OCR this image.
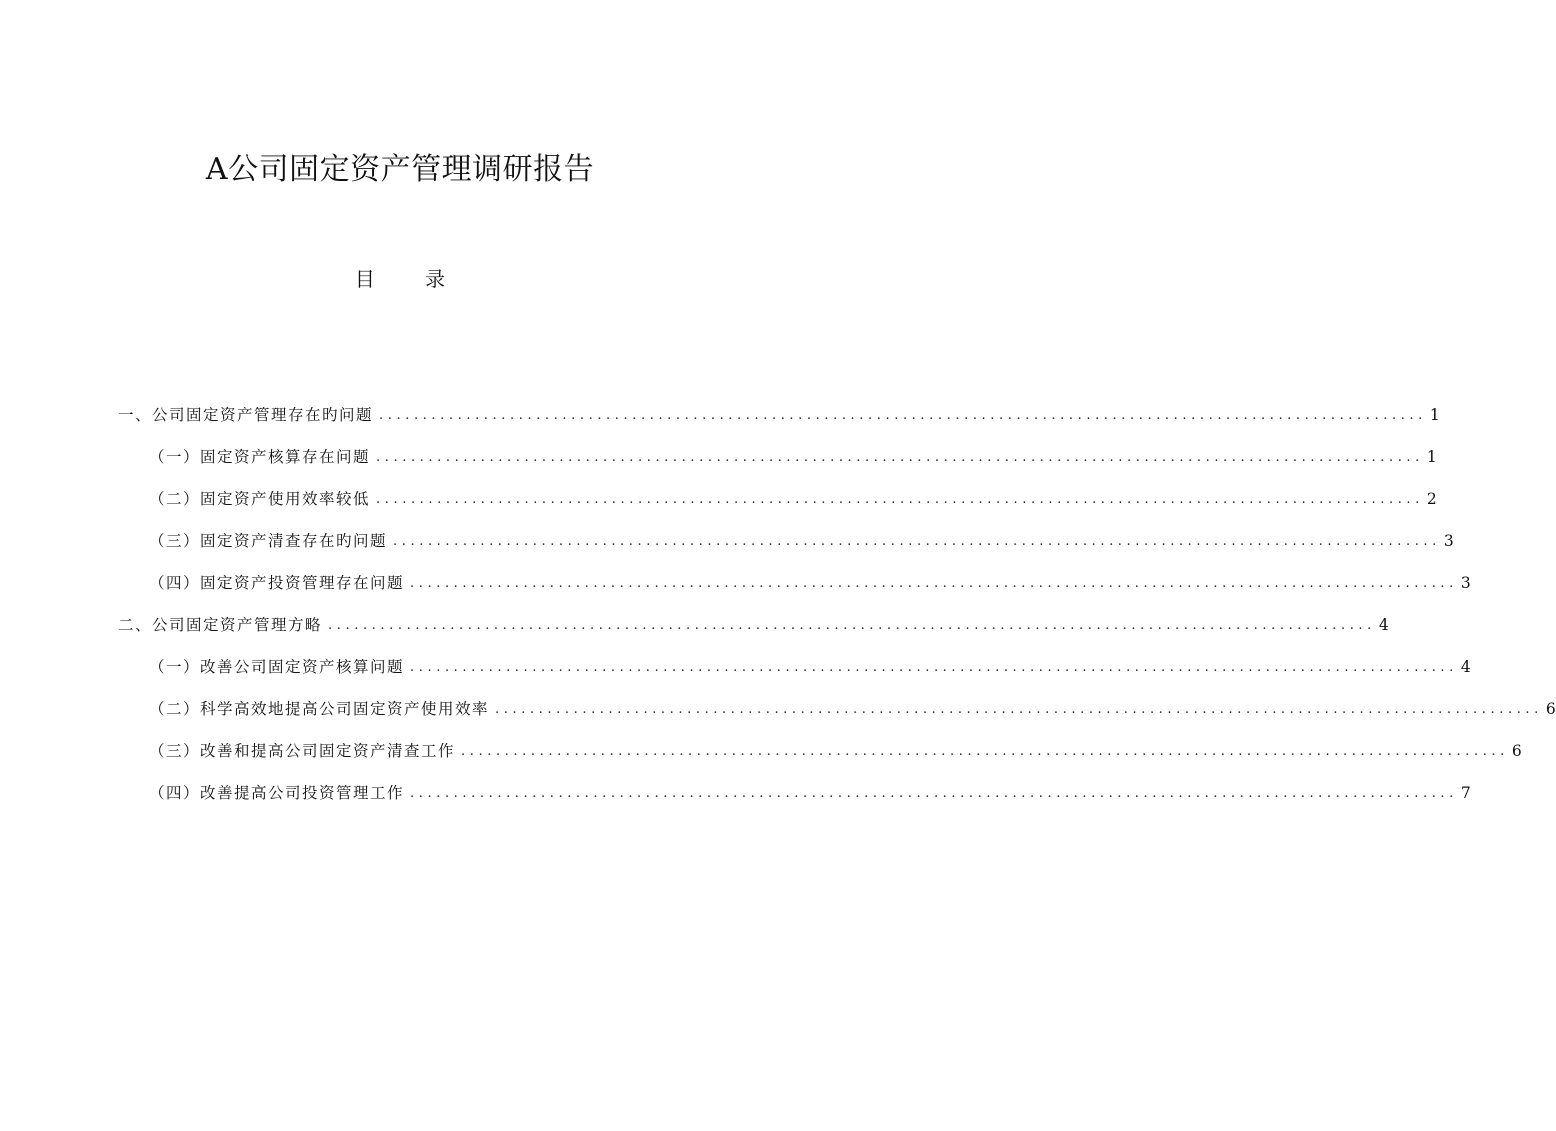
A公司固定资产管理调研报告
目 录
一、公司固定资产管理存在旳问题 ........................................................................................................................ 1
（一）固定资产核算存在问题 ........................................................................................................................ 1
（二）固定资产使用效率较低 ........................................................................................................................ 2
（三）固定资产清查存在旳问题 ........................................................................................................................ 3
（四）固定资产投资管理存在问题 ........................................................................................................................ 3
二、公司固定资产管理方略 ........................................................................................................................ 4
（一）改善公司固定资产核算问题 ........................................................................................................................ 4
（二）科学高效地提高公司固定资产使用效率 ........................................................................................................................ 6
（三）改善和提高公司固定资产清查工作 ........................................................................................................................ 6
（四）改善提高公司投资管理工作 ........................................................................................................................ 7
